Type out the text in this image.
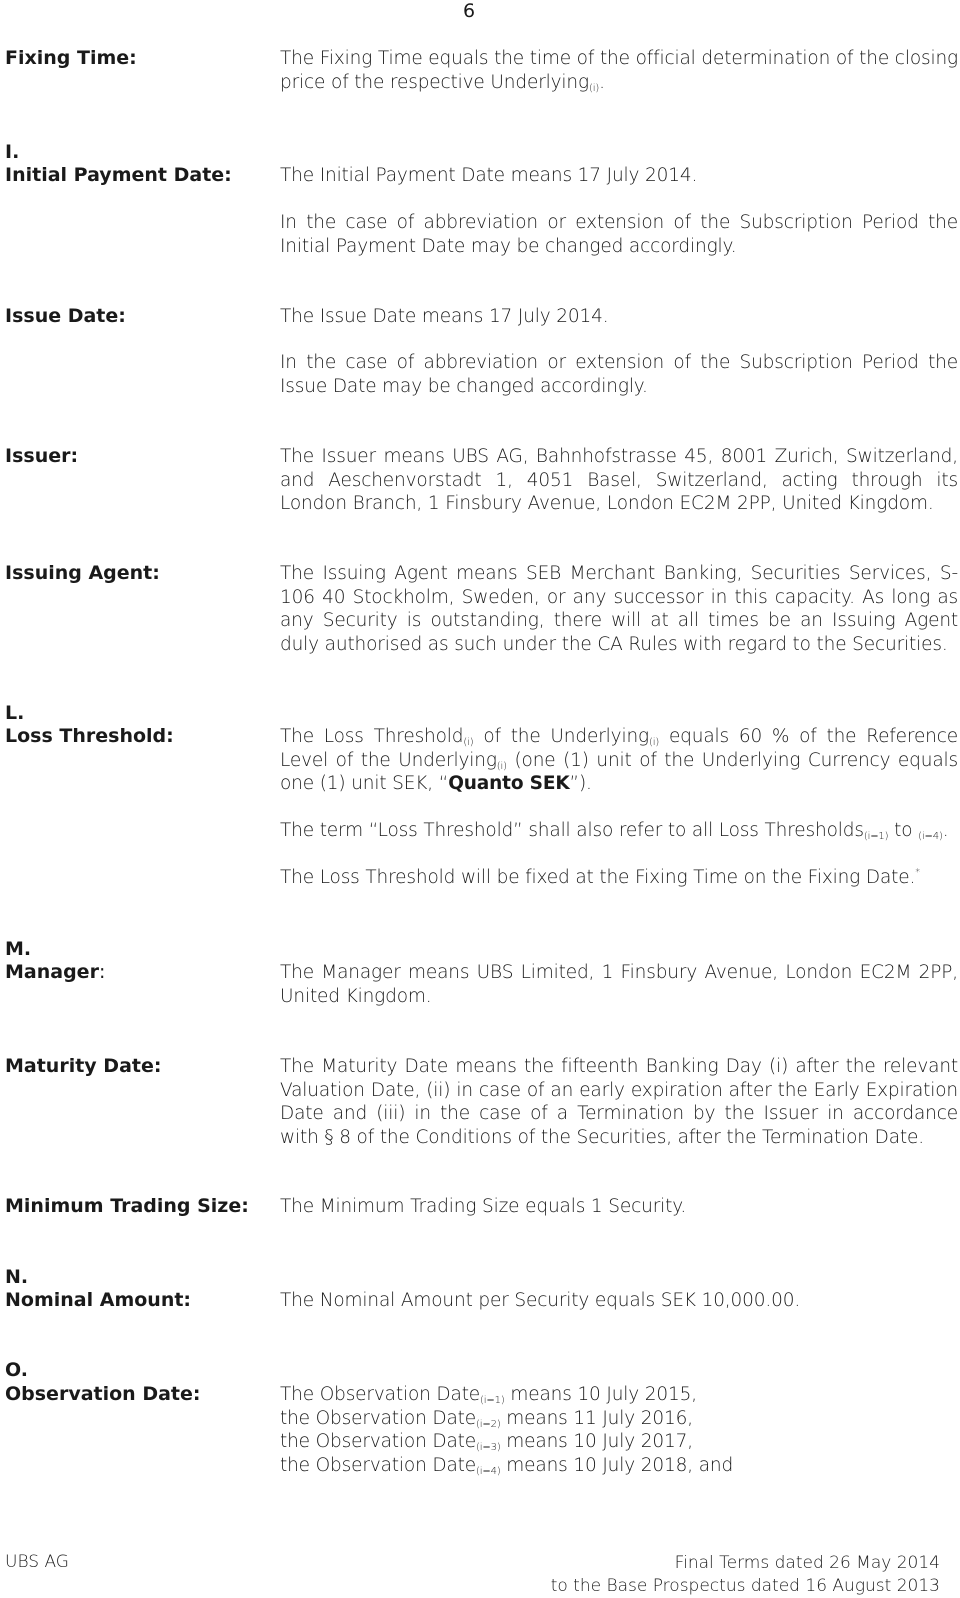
6
Fixing Time:	The Fixing Time equals the time of the official determination of the closing price of the respective Underlying$_{(i)}$.
I.
Initial Payment Date:	The Initial Payment Date means 17 July 2014.
In the case of abbreviation or extension of the Subscription Period the Initial Payment Date may be changed accordingly.
Issue Date:	The Issue Date means 17 July 2014.
In the case of abbreviation or extension of the Subscription Period the Issue Date may be changed accordingly.
Issuer:	The Issuer means UBS AG, Bahnhofstrasse 45, 8001 Zurich, Switzerland, and Aeschenvorstadt 1, 4051 Basel, Switzerland, acting through its London Branch, 1 Finsbury Avenue, London EC2M 2PP, United Kingdom.
Issuing Agent:	The Issuing Agent means SEB Merchant Banking, Securities Services, S-106 40 Stockholm, Sweden, or any successor in this capacity. As long as any Security is outstanding, there will at all times be an Issuing Agent duly authorised as such under the CA Rules with regard to the Securities.
L.
Loss Threshold:	The Loss Threshold$_{(i)}$ of the Underlying$_{(i)}$ equals 60 % of the Reference Level of the Underlying$_{(i)}$ (one (1) unit of the Underlying Currency equals one (1) unit SEK, “Quanto SEK”).
The term “Loss Threshold” shall also refer to all Loss Thresholds$_{(i=1)}$ to $_{(i=4)}$.
The Loss Threshold will be fixed at the Fixing Time on the Fixing Date.*
M.
Manager:	The Manager means UBS Limited, 1 Finsbury Avenue, London EC2M 2PP, United Kingdom.
Maturity Date:	The Maturity Date means the fifteenth Banking Day (i) after the relevant Valuation Date, (ii) in case of an early expiration after the Early Expiration Date and (iii) in the case of a Termination by the Issuer in accordance with § 8 of the Conditions of the Securities, after the Termination Date.
Minimum Trading Size: The Minimum Trading Size equals 1 Security.
N.
Nominal Amount:	The Nominal Amount per Security equals SEK 10,000.00.
O.
Observation Date:	The Observation Date$_{(i=1)}$ means 10 July 2015,
the Observation Date$_{(i=2)}$ means 11 July 2016,
the Observation Date$_{(i=3)}$ means 10 July 2017,
the Observation Date$_{(i=4)}$ means 10 July 2018, and
UBS AG	Final Terms dated 26 May 2014
to the Base Prospectus dated 16 August 2013
